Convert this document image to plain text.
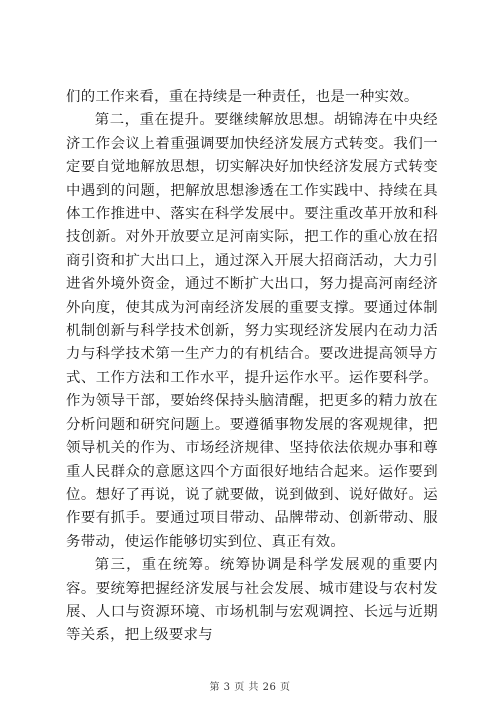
们的工作来看，重在持续是一种责任，也是一种实效。

第二，重在提升。要继续解放思想。胡锦涛在中央经济工作会议上着重强调要加快经济发展方式转变。我们一定要自觉地解放思想，切实解决好加快经济发展方式转变中遇到的问题，把解放思想渗透在工作实践中、持续在具体工作推进中、落实在科学发展中。要注重改革开放和科技创新。对外开放要立足河南实际，把工作的重心放在招商引资和扩大出口上，通过深入开展大招商活动，大力引进省外境外资金，通过不断扩大出口，努力提高河南经济外向度，使其成为河南经济发展的重要支撑。要通过体制机制创新与科学技术创新，努力实现经济发展内在动力活力与科学技术第一生产力的有机结合。要改进提高领导方式、工作方法和工作水平，提升运作水平。运作要科学。作为领导干部，要始终保持头脑清醒，把更多的精力放在分析问题和研究问题上。要遵循事物发展的客观规律，把领导机关的作为、市场经济规律、坚持依法依规办事和尊重人民群众的意愿这四个方面很好地结合起来。运作要到位。想好了再说，说了就要做，说到做到、说好做好。运作要有抓手。要通过项目带动、品牌带动、创新带动、服务带动，使运作能够切实到位、真正有效。

第三，重在统筹。统筹协调是科学发展观的重要内容。要统筹把握经济发展与社会发展、城市建设与农村发展、人口与资源环境、市场机制与宏观调控、长远与近期等关系，把上级要求与

第 3 页 共 26 页
